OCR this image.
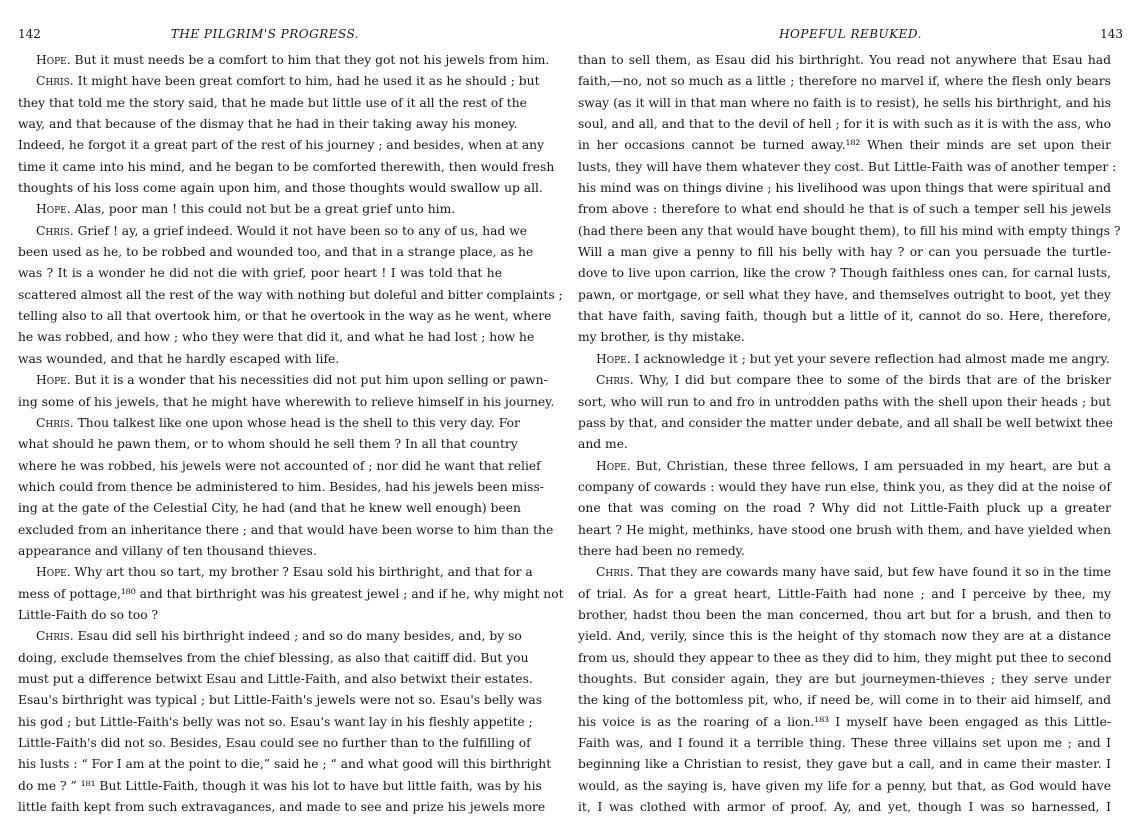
142	THE PILGRIM'S PROGRESS.
Hope. But it must needs be a comfort to him that they got not his jewels from him.
Chris. It might have been great comfort to him, had he used it as he should ; but
they that told me the story said, that he made but little use of it all the rest of the
way, and that because of the dismay that he had in their taking away his money.
Indeed, he forgot it a great part of the rest of his journey ; and besides, when at any
time it came into his mind, and he began to be comforted therewith, then would fresh
thoughts of his loss come again upon him, and those thoughts would swallow up all.
Hope. Alas, poor man ! this could not but be a great grief unto him.
Chris. Grief ! ay, a grief indeed. Would it not have been so to any of us, had we
been used as he, to be robbed and wounded too, and that in a strange place, as he
was ? It is a wonder he did not die with grief, poor heart ! I was told that he
scattered almost all the rest of the way with nothing but doleful and bitter complaints ;
telling also to all that overtook him, or that he overtook in the way as he went, where
he was robbed, and how ; who they were that did it, and what he had lost ; how he
was wounded, and that he hardly escaped with life.
Hope. But it is a wonder that his necessities did not put him upon selling or pawn-
ing some of his jewels, that he might have wherewith to relieve himself in his journey.
Chris. Thou talkest like one upon whose head is the shell to this very day. For
what should he pawn them, or to whom should he sell them ? In all that country
where he was robbed, his jewels were not accounted of ; nor did he want that relief
which could from thence be administered to him. Besides, had his jewels been miss-
ing at the gate of the Celestial City, he had (and that he knew well enough) been
excluded from an inheritance there ; and that would have been worse to him than the
appearance and villany of ten thousand thieves.
Hope. Why art thou so tart, my brother ? Esau sold his birthright, and that for a
mess of pottage,¹⁸⁰ and that birthright was his greatest jewel ; and if he, why might not
Little-Faith do so too ?
Chris. Esau did sell his birthright indeed ; and so do many besides, and, by so
doing, exclude themselves from the chief blessing, as also that caitiff did. But you
must put a difference betwixt Esau and Little-Faith, and also betwixt their estates.
Esau's birthright was typical ; but Little-Faith's jewels were not so. Esau's belly was
his god ; but Little-Faith's belly was not so. Esau's want lay in his fleshly appetite ;
Little-Faith's did not so. Besides, Esau could see no further than to the fulfilling of
his lusts : “ For I am at the point to die,” said he ; “ and what good will this birthright
do me ? ” ¹⁸¹ But Little-Faith, though it was his lot to have but little faith, was by his
little faith kept from such extravagances, and made to see and prize his jewels more
HOPEFUL REBUKED.	143
than to sell them, as Esau did his birthright. You read not anywhere that Esau had
faith,—no, not so much as a little ; therefore no marvel if, where the flesh only bears
sway (as it will in that man where no faith is to resist), he sells his birthright, and his
soul, and all, and that to the devil of hell ; for it is with such as it is with the ass, who
in her occasions cannot be turned away.¹⁸² When their minds are set upon their
lusts, they will have them whatever they cost. But Little-Faith was of another temper :
his mind was on things divine ; his livelihood was upon things that were spiritual and
from above : therefore to what end should he that is of such a temper sell his jewels
(had there been any that would have bought them), to fill his mind with empty things ?
Will a man give a penny to fill his belly with hay ? or can you persuade the turtle-
dove to live upon carrion, like the crow ? Though faithless ones can, for carnal lusts,
pawn, or mortgage, or sell what they have, and themselves outright to boot, yet they
that have faith, saving faith, though but a little of it, cannot do so. Here, therefore,
my brother, is thy mistake.
Hope. I acknowledge it ; but yet your severe reflection had almost made me angry.
Chris. Why, I did but compare thee to some of the birds that are of the brisker
sort, who will run to and fro in untrodden paths with the shell upon their heads ; but
pass by that, and consider the matter under debate, and all shall be well betwixt thee
and me.
Hope. But, Christian, these three fellows, I am persuaded in my heart, are but a
company of cowards : would they have run else, think you, as they did at the noise of
one that was coming on the road ? Why did not Little-Faith pluck up a greater
heart ? He might, methinks, have stood one brush with them, and have yielded when
there had been no remedy.
Chris. That they are cowards many have said, but few have found it so in the time
of trial. As for a great heart, Little-Faith had none ; and I perceive by thee, my
brother, hadst thou been the man concerned, thou art but for a brush, and then to
yield. And, verily, since this is the height of thy stomach now they are at a distance
from us, should they appear to thee as they did to him, they might put thee to second
thoughts. But consider again, they are but journeymen-thieves ; they serve under
the king of the bottomless pit, who, if need be, will come in to their aid himself, and
his voice is as the roaring of a lion.¹⁸³ I myself have been engaged as this Little-
Faith was, and I found it a terrible thing. These three villains set upon me ; and I
beginning like a Christian to resist, they gave but a call, and in came their master. I
would, as the saying is, have given my life for a penny, but that, as God would have
it, I was clothed with armor of proof. Ay, and yet, though I was so harnessed, I
